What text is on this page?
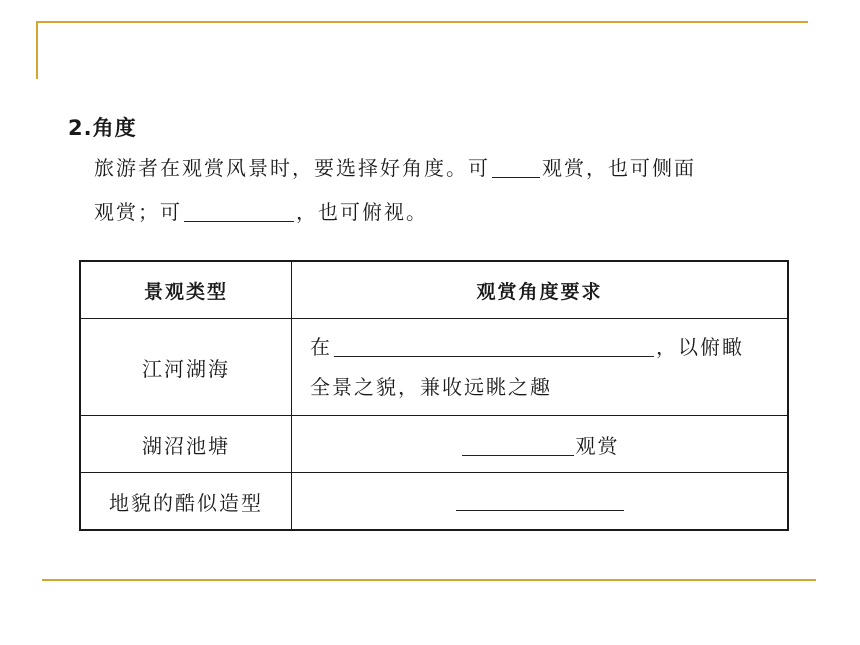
2.角度
旅游者在观赏风景时，要选择好角度。可	观赏，也可侧面
观赏；可	，也可俯视。
景观类型	观赏角度要求
江河湖海	在 ，以俯瞰
全景之貌，兼收远眺之趣

湖沼池塘	观赏
地貌的酷似造型	
